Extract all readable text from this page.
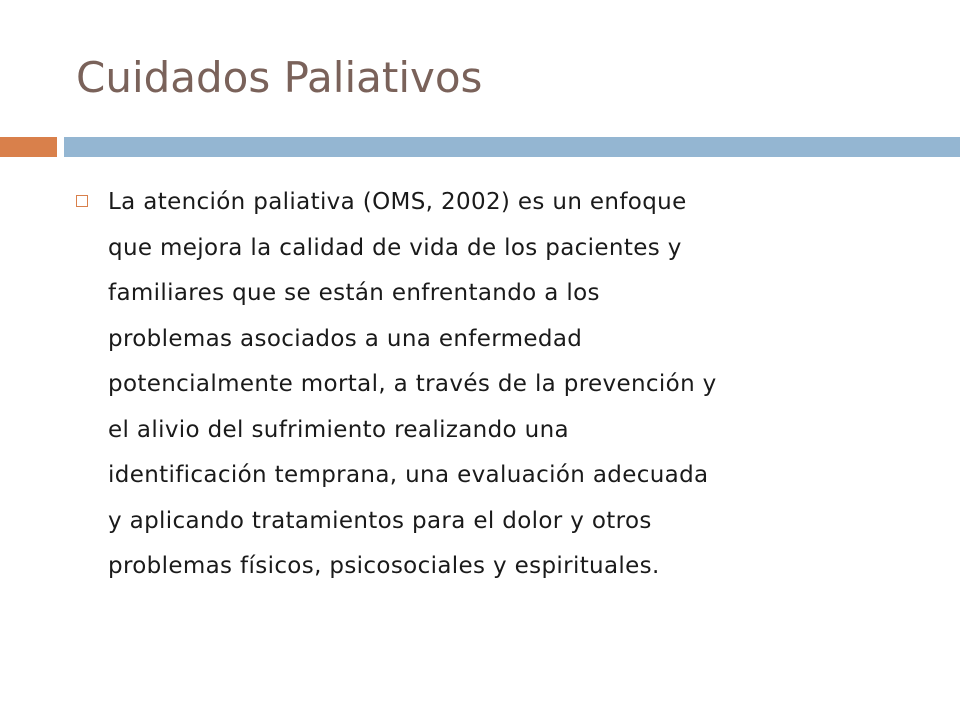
Cuidados Paliativos

La atención paliativa (OMS, 2002) es un enfoque
que mejora la calidad de vida de los pacientes y
familiares que se están enfrentando a los
problemas asociados a una enfermedad
potencialmente mortal, a través de la prevención y
el alivio del sufrimiento realizando una
identificación temprana, una evaluación adecuada
y aplicando tratamientos para el dolor y otros
problemas físicos, psicosociales y espirituales.
